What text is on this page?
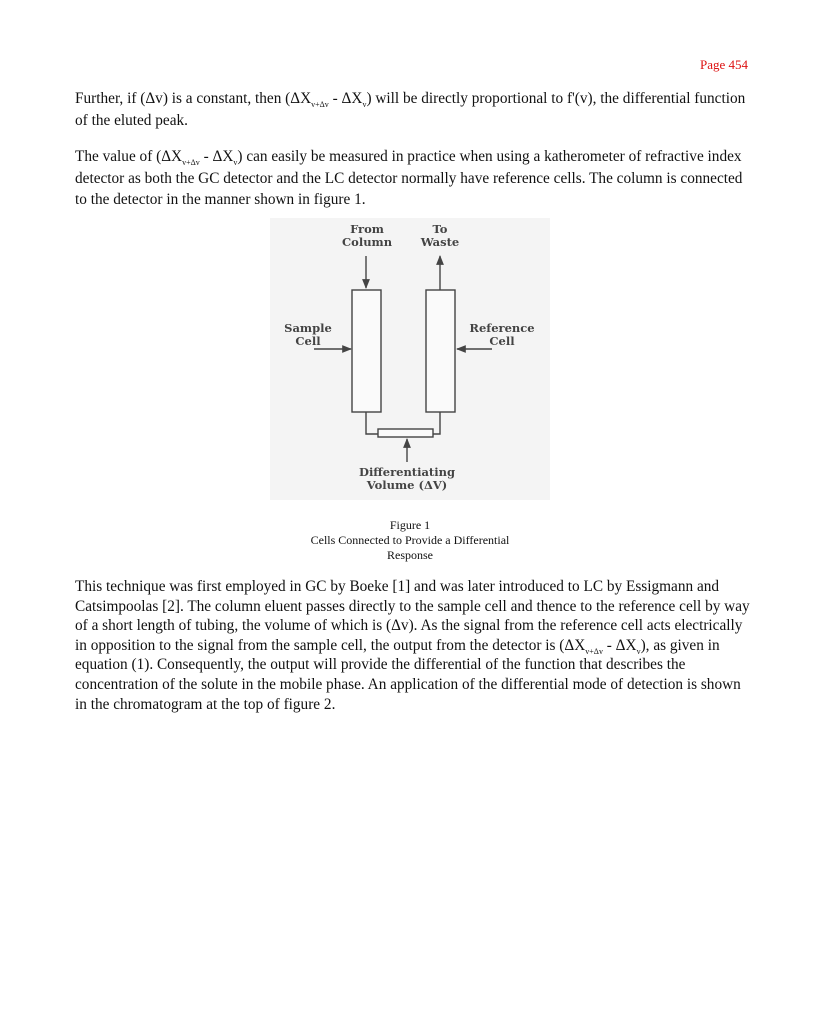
Page 454

Further, if (Δv) is a constant, then $(\Delta X_{v+\Delta v} - \Delta X_v)$ will be directly proportional to f'(v), the differential function of the eluted peak.

The value of $(\Delta X_{v+\Delta v} - \Delta X_v)$ can easily be measured in practice when using a katherometer of refractive index detector as both the GC detector and the LC detector normally have reference cells. The column is connected to the detector in the manner shown in figure 1.

From
Column
To
Waste
Sample
Cell
Reference
Cell
Differentiating
Volume (ΔV)
Figure 1
Cells Connected to Provide a Differential
Response

This technique was first employed in GC by Boeke [1] and was later introduced to LC by Essigmann and Catsimpoolas [2]. The column eluent passes directly to the sample cell and thence to the reference cell by way of a short length of tubing, the volume of which is (Δv). As the signal from the reference cell acts electrically in opposition to the signal from the sample cell, the output from the detector is $(\Delta X_{v+\Delta v} - \Delta X_v)$, as given in equation (1). Consequently, the output will provide the differential of the function that describes the concentration of the solute in the mobile phase. An application of the differential mode of detection is shown in the chromatogram at the top of figure 2.
